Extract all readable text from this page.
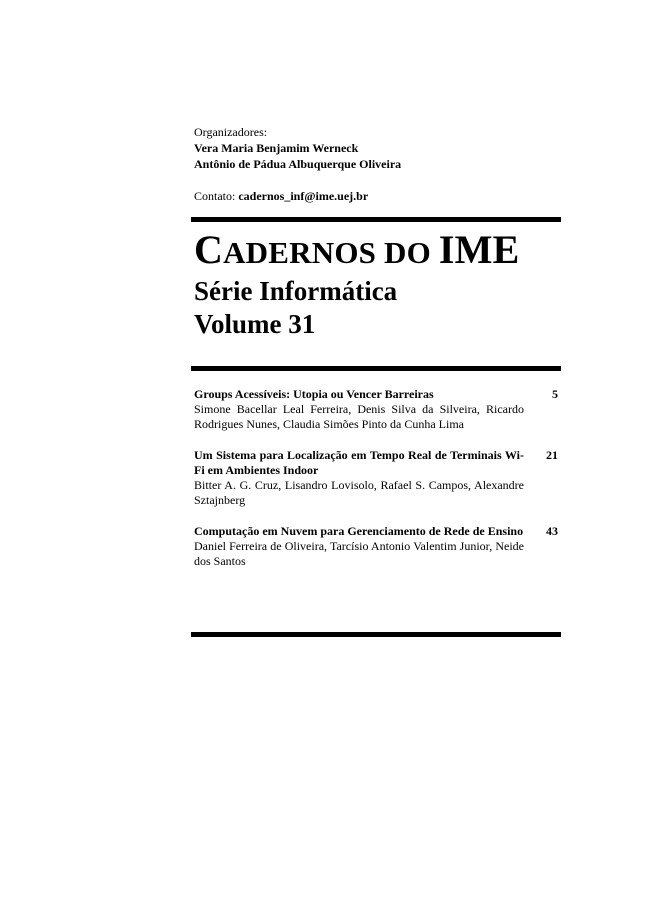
Organizadores:
Vera Maria Benjamim Werneck
Antônio de Pádua Albuquerque Oliveira
Contato: cadernos_inf@ime.uej.br
CADERNOS DO IME
Série Informática
Volume 31
Groups Acessíveis: Utopia ou Vencer Barreiras
Simone Bacellar Leal Ferreira, Denis Silva da Silveira, Ricardo Rodrigues Nunes, Claudia Simões Pinto da Cunha Lima
5
Um Sistema para Localização em Tempo Real de Terminais Wi-Fi em Ambientes Indoor
Bitter A. G. Cruz, Lisandro Lovisolo, Rafael S. Campos, Alexandre Sztajnberg
21
Computação em Nuvem para Gerenciamento de Rede de Ensino
Daniel Ferreira de Oliveira, Tarcísio Antonio Valentim Junior, Neide dos Santos
43
